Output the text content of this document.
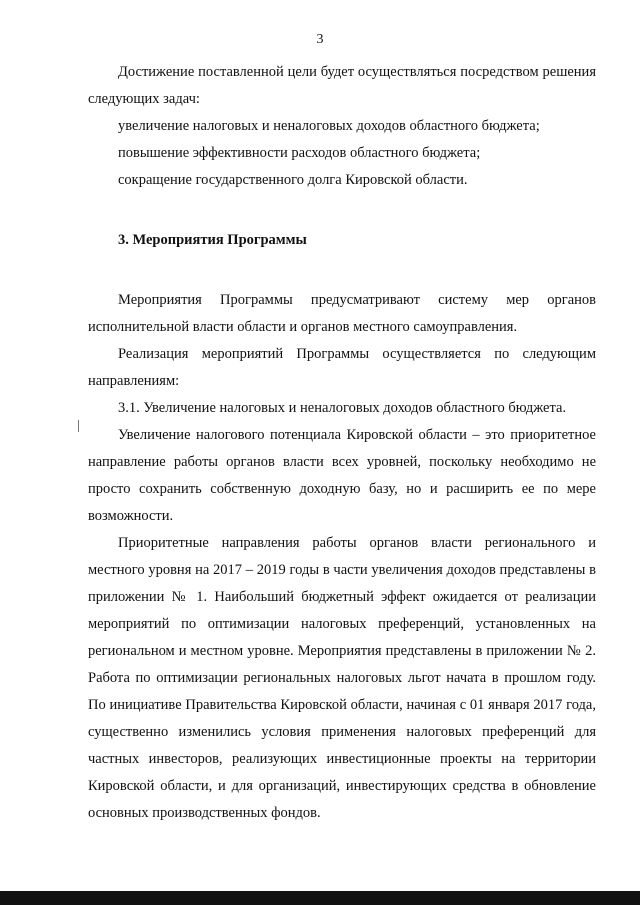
3

Достижение поставленной цели будет осуществляться посредством решения следующих задач:

увеличение налоговых и неналоговых доходов областного бюджета;

повышение эффективности расходов областного бюджета;

сокращение государственного долга Кировской области.

3. Мероприятия Программы

Мероприятия Программы предусматривают систему мер органов исполнительной власти области и органов местного самоуправления.

Реализация мероприятий Программы осуществляется по следующим направлениям:

3.1. Увеличение налоговых и неналоговых доходов областного бюджета.

Увеличение налогового потенциала Кировской области – это приоритетное направление работы органов власти всех уровней, поскольку необходимо не просто сохранить собственную доходную базу, но и расширить ее по мере возможности.

Приоритетные направления работы органов власти регионального и местного уровня на 2017 – 2019 годы в части увеличения доходов представлены в приложении № 1. Наибольший бюджетный эффект ожидается от реализации мероприятий по оптимизации налоговых преференций, установленных на региональном и местном уровне. Мероприятия представлены в приложении № 2. Работа по оптимизации региональных налоговых льгот начата в прошлом году. По инициативе Правительства Кировской области, начиная с 01 января 2017 года, существенно изменились условия применения налоговых преференций для частных инвесторов, реализующих инвестиционные проекты на территории Кировской области, и для организаций, инвестирующих средства в обновление основных производственных фондов.
